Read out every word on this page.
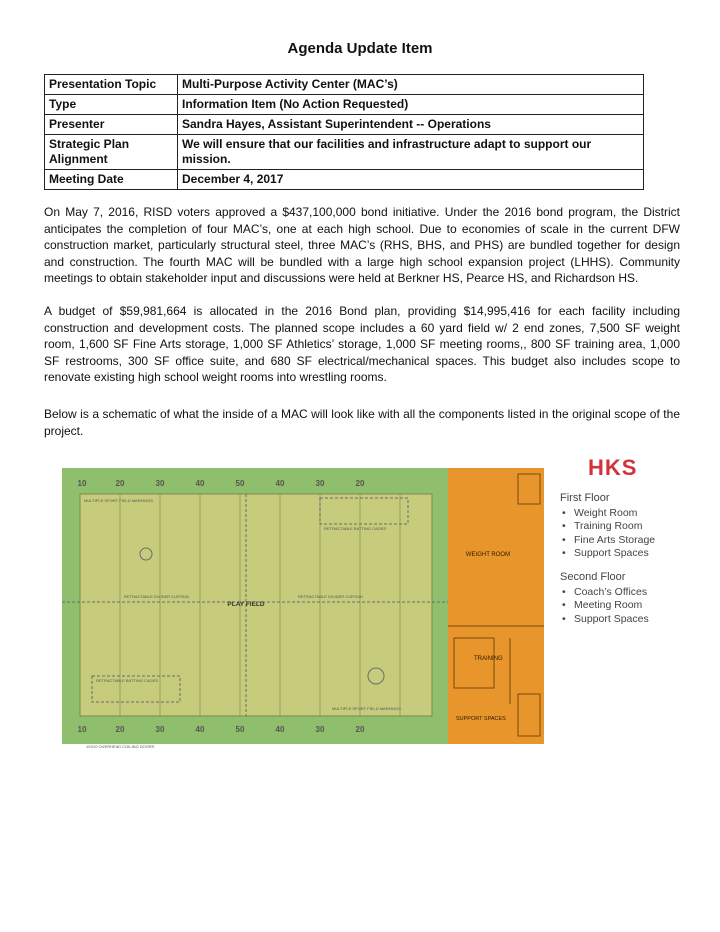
Agenda Update Item
Presentation Topic	Multi-Purpose Activity Center (MAC’s)
Type	Information Item (No Action Requested)
Presenter	Sandra Hayes, Assistant Superintendent -- Operations
Strategic Plan Alignment	We will ensure that our facilities and infrastructure adapt to support our mission.
Meeting Date	December 4, 2017

On May 7, 2016, RISD voters approved a $437,100,000 bond initiative. Under the 2016 bond program, the District anticipates the completion of four MAC’s, one at each high school. Due to economies of scale in the current DFW construction market, particularly structural steel, three MAC’s (RHS, BHS, and PHS) are bundled together for design and construction. The fourth MAC will be bundled with a large high school expansion project (LHHS). Community meetings to obtain stakeholder input and discussions were held at Berkner HS, Pearce HS, and Richardson HS.

A budget of $59,981,664 is allocated in the 2016 Bond plan, providing $14,995,416 for each facility including construction and development costs. The planned scope includes a 60 yard field w/ 2 end zones, 7,500 SF weight room, 1,600 SF Fine Arts storage, 1,000 SF Athletics’ storage, 1,000 SF meeting rooms,, 800 SF training area, 1,000 SF restrooms, 300 SF office suite, and 680 SF electrical/mechanical spaces. This budget also includes scope to renovate existing high school weight rooms into wrestling rooms.

Below is a schematic of what the inside of a MAC will look like with all the components listed in the original scope of the project.

HKS
10	20	30	40	50	40	30	20
10	20	30	40	50	40	30	20
MULTIPLE SPORT FIELD MARKINGS
RETRACTABLE BATTING CAGES
RETRACTABLE DIVIDER CURTAIN	RETRACTABLE DIVIDER CURTAIN
RETRACTABLE BATTING CAGES
MULTIPLE SPORT FIELD MARKINGS
10X10 OVERHEAD COILING DOORS
PLAY FIELD
WEIGHT ROOM
TRAINING
SUPPORT SPACES
First Floor
• Weight Room
• Training Room
• Fine Arts Storage
• Support Spaces
Second Floor
• Coach’s Offices
• Meeting Room
• Support Spaces
